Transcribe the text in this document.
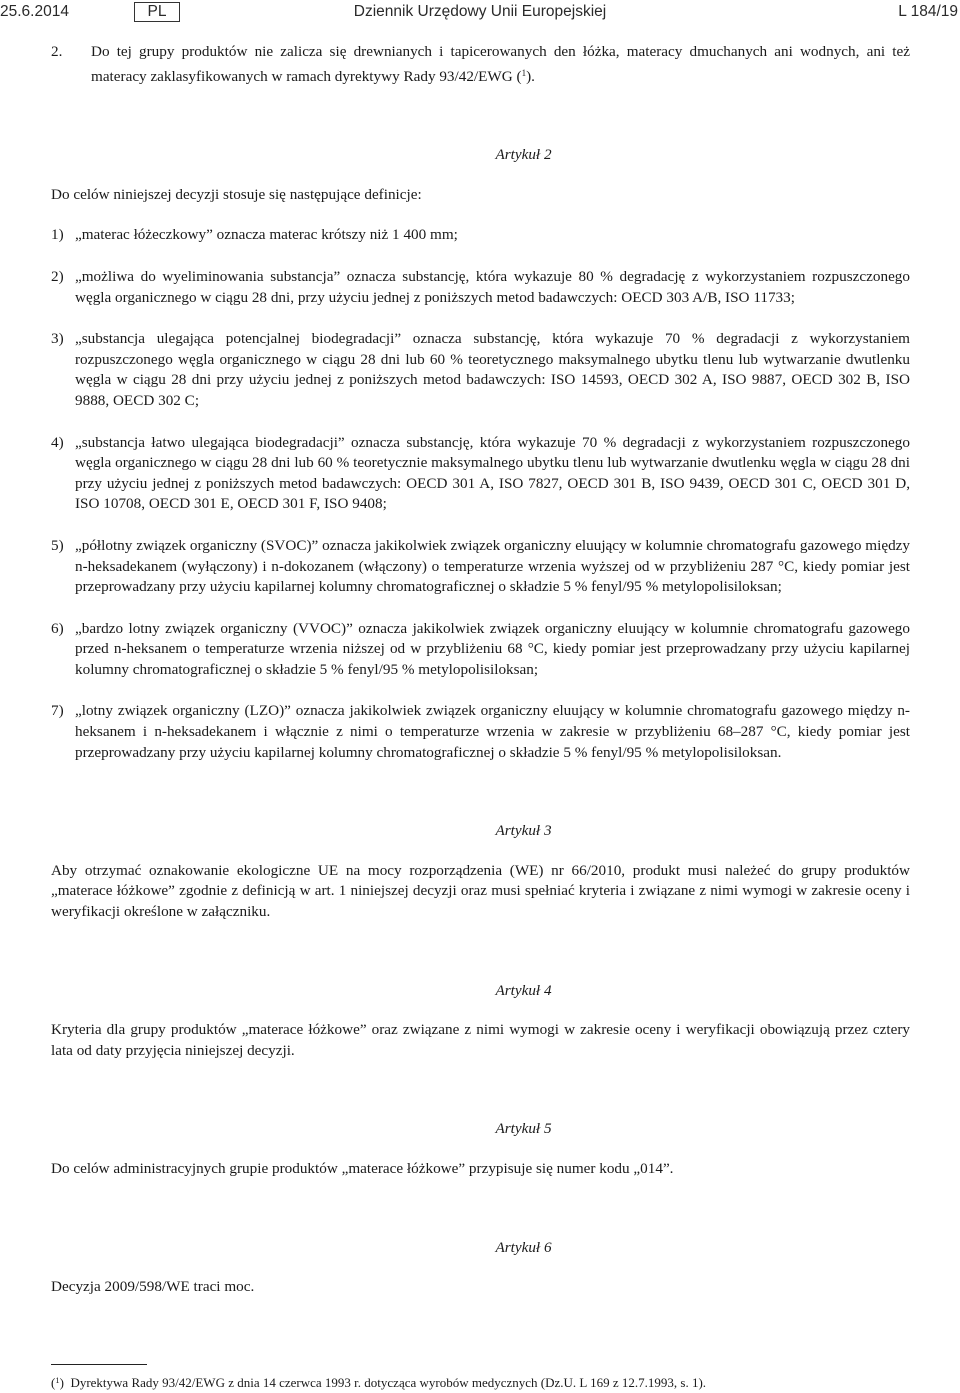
25.6.2014	PL	Dziennik Urzędowy Unii Europejskiej	L 184/19
2.	Do tej grupy produktów nie zalicza się drewnianych i tapicerowanych den łóżka, materacy dmuchanych ani wodnych, ani też materacy zaklasyfikowanych w ramach dyrektywy Rady 93/42/EWG ($^1$).

Artykuł 2

Do celów niniejszej decyzji stosuje się następujące definicje:

1) „materac łóżeczkowy” oznacza materac krótszy niż 1 400 mm;
2) „możliwa do wyeliminowania substancja” oznacza substancję, która wykazuje 80 % degradację z wykorzystaniem rozpuszczonego węgla organicznego w ciągu 28 dni, przy użyciu jednej z poniższych metod badawczych: OECD 303 A/B, ISO 11733;
3) „substancja ulegająca potencjalnej biodegradacji” oznacza substancję, która wykazuje 70 % degradacji z wykorzystaniem rozpuszczonego węgla organicznego w ciągu 28 dni lub 60 % teoretycznego maksymalnego ubytku tlenu lub wytwarzanie dwutlenku węgla w ciągu 28 dni przy użyciu jednej z poniższych metod badawczych: ISO 14593, OECD 302 A, ISO 9887, OECD 302 B, ISO 9888, OECD 302 C;
4) „substancja łatwo ulegająca biodegradacji” oznacza substancję, która wykazuje 70 % degradacji z wykorzystaniem rozpuszczonego węgla organicznego w ciągu 28 dni lub 60 % teoretycznie maksymalnego ubytku tlenu lub wytwarzanie dwutlenku węgla w ciągu 28 dni przy użyciu jednej z poniższych metod badawczych: OECD 301 A, ISO 7827, OECD 301 B, ISO 9439, OECD 301 C, OECD 301 D, ISO 10708, OECD 301 E, OECD 301 F, ISO 9408;
5) „półlotny związek organiczny (SVOC)” oznacza jakikolwiek związek organiczny eluujący w kolumnie chromatografu gazowego między n-heksadekanem (wyłączony) i n-dokozanem (włączony) o temperaturze wrzenia wyższej od w przybliżeniu 287 °C, kiedy pomiar jest przeprowadzany przy użyciu kapilarnej kolumny chromatograficznej o składzie 5 % fenyl/95 % metylopolisiloksan;
6) „bardzo lotny związek organiczny (VVOC)” oznacza jakikolwiek związek organiczny eluujący w kolumnie chromatografu gazowego przed n-heksanem o temperaturze wrzenia niższej od w przybliżeniu 68 °C, kiedy pomiar jest przeprowadzany przy użyciu kapilarnej kolumny chromatograficznej o składzie 5 % fenyl/95 % metylopolisiloksan;
7) „lotny związek organiczny (LZO)” oznacza jakikolwiek związek organiczny eluujący w kolumnie chromatografu gazowego między n-heksanem i n-heksadekanem i włącznie z nimi o temperaturze wrzenia w zakresie w przybliżeniu 68–287 °C, kiedy pomiar jest przeprowadzany przy użyciu kapilarnej kolumny chromatograficznej o składzie 5 % fenyl/95 % metylopolisiloksan.

Artykuł 3

Aby otrzymać oznakowanie ekologiczne UE na mocy rozporządzenia (WE) nr 66/2010, produkt musi należeć do grupy produktów „materace łóżkowe” zgodnie z definicją w art. 1 niniejszej decyzji oraz musi spełniać kryteria i związane z nimi wymogi w zakresie oceny i weryfikacji określone w załączniku.

Artykuł 4

Kryteria dla grupy produktów „materace łóżkowe” oraz związane z nimi wymogi w zakresie oceny i weryfikacji obowiązują przez cztery lata od daty przyjęcia niniejszej decyzji.

Artykuł 5

Do celów administracyjnych grupie produktów „materace łóżkowe” przypisuje się numer kodu „014”.

Artykuł 6

Decyzja 2009/598/WE traci moc.

($^1$)  Dyrektywa Rady 93/42/EWG z dnia 14 czerwca 1993 r. dotycząca wyrobów medycznych (Dz.U. L 169 z 12.7.1993, s. 1).
